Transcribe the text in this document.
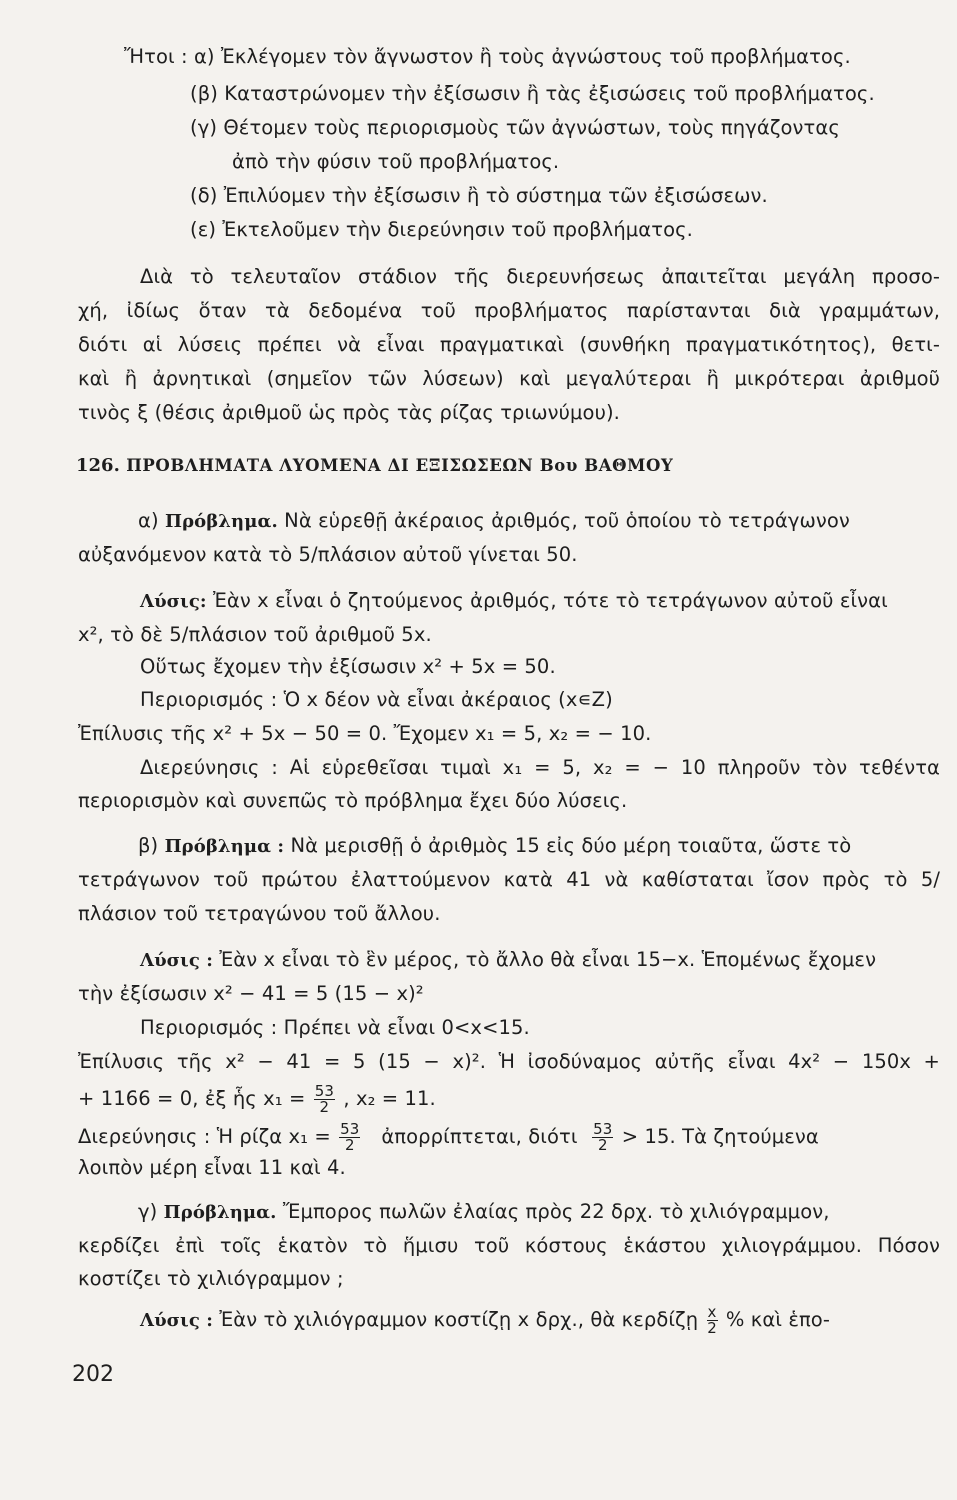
Ἤτοι : α) Ἐκλέγομεν τὸν ἄγνωστον ἢ τοὺς ἀγνώστους τοῦ προβλήματος.
(β) Καταστρώνομεν τὴν ἐξίσωσιν ἢ τὰς ἐξισώσεις τοῦ προβλήματος.
(γ) Θέτομεν τοὺς περιορισμοὺς τῶν ἀγνώστων, τοὺς πηγάζοντας
ἀπὸ τὴν φύσιν τοῦ προβλήματος.
(δ) Ἐπιλύομεν τὴν ἐξίσωσιν ἢ τὸ σύστημα τῶν ἐξισώσεων.
(ε) Ἐκτελοῦμεν τὴν διερεύνησιν τοῦ προβλήματος.
Διὰ τὸ τελευταῖον στάδιον τῆς διερευνήσεως ἀπαιτεῖται μεγάλη προσο-
χή, ἰδίως ὅταν τὰ δεδομένα τοῦ προβλήματος παρίστανται διὰ γραμμάτων,
διότι αἱ λύσεις πρέπει νὰ εἶναι πραγματικαὶ (συνθήκη πραγματικότητος), θετι-
καὶ ἢ ἀρνητικαὶ (σημεῖον τῶν λύσεων) καὶ μεγαλύτεραι ἢ μικρότεραι ἀριθμοῦ
τινὸς ξ (θέσις ἀριθμοῦ ὡς πρὸς τὰς ρίζας τριωνύμου).
126. ΠΡΟΒΛΗΜΑΤΑ ΛΥΟΜΕΝΑ ΔΙ ΕΞΙΣΩΣΕΩΝ Βου ΒΑΘΜΟΥ
α) Πρόβλημα. Νὰ εὑρεθῇ ἀκέραιος ἀριθμός, τοῦ ὁποίου τὸ τετράγωνον
αὐξανόμενον κατὰ τὸ 5/πλάσιον αὐτοῦ γίνεται 50.
Λύσις: Ἐὰν x εἶναι ὁ ζητούμενος ἀριθμός, τότε τὸ τετράγωνον αὐτοῦ εἶναι
x², τὸ δὲ 5/πλάσιον τοῦ ἀριθμοῦ 5x.
Οὕτως ἔχομεν τὴν ἐξίσωσιν x² + 5x = 50.
Περιορισμός : Ὁ x δέον νὰ εἶναι ἀκέραιος (x∊Z)
Ἐπίλυσις τῆς x² + 5x − 50 = 0. Ἔχομεν x₁ = 5, x₂ = − 10.
Διερεύνησις : Αἱ εὑρεθεῖσαι τιμαὶ x₁ = 5, x₂ = − 10 πληροῦν τὸν τεθέντα
περιορισμὸν καὶ συνεπῶς τὸ πρόβλημα ἔχει δύο λύσεις.
β) Πρόβλημα : Νὰ μερισθῇ ὁ ἀριθμὸς 15 εἰς δύο μέρη τοιαῦτα, ὥστε τὸ
τετράγωνον τοῦ πρώτου ἐλαττούμενον κατὰ 41 νὰ καθίσταται ἴσον πρὸς τὸ 5/
πλάσιον τοῦ τετραγώνου τοῦ ἄλλου.
Λύσις : Ἐὰν x εἶναι τὸ ἓν μέρος, τὸ ἄλλο θὰ εἶναι 15−x. Ἑπομένως ἔχομεν
τὴν ἐξίσωσιν x² − 41 = 5 (15 − x)²
Περιορισμός : Πρέπει νὰ εἶναι 0<x<15.
Ἐπίλυσις τῆς x² − 41 = 5 (15 − x)². Ἡ ἰσοδύναμος αὐτῆς εἶναι 4x² − 150x +
+ 1166 = 0, ἐξ ἧς $x_1 = \frac{53}{2}$ , x₂ = 11.
Διερεύνησις : Ἡ ρίζα $x_1 = \frac{53}{2}$ ἀπορρίπτεται, διότι $\frac{53}{2} > 15$. Τὰ ζητούμενα
λοιπὸν μέρη εἶναι 11 καὶ 4.
γ) Πρόβλημα. Ἔμπορος πωλῶν ἐλαίας πρὸς 22 δρχ. τὸ χιλιόγραμμον,
κερδίζει ἐπὶ τοῖς ἑκατὸν τὸ ἥμισυ τοῦ κόστους ἑκάστου χιλιογράμμου. Πόσον
κοστίζει τὸ χιλιόγραμμον ;
Λύσις : Ἐὰν τὸ χιλιόγραμμον κοστίζῃ x δρχ., θὰ κερδίζῃ $\frac{x}{2}$ % καὶ ἑπο-
202
